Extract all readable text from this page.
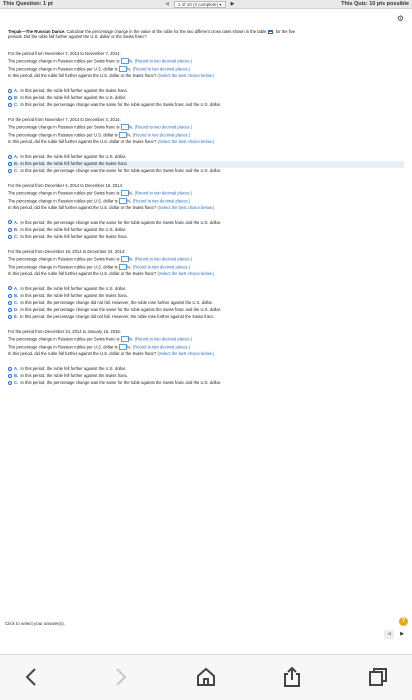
This Question: 1 pt	◀	1 of 10 (4 complete) ▾	▶	This Quiz: 10 pts possible
⚙
Trepak—The Russian Dance. Calculate the percentage change in the value of the ruble for the two different cross rates shown in the table for the five
periods. Did the ruble fall further against the U.S. dollar or the Swiss franc?
For the period from November 7, 2013 to November 7, 2014:
The percentage change in Russian rubles per Swiss franc is %. (Round to two decimal places.)
The percentage change in Russian rubles per U.S. dollar is %. (Round to two decimal places.)
In this period, did the ruble fall further against the U.S. dollar or the Swiss franc? (Select the best choice below.)
A. In this period, the ruble fell further against the Swiss franc.
B. In this period, the ruble fell further against the U.S. dollar.
C. In this period, the percentage change was the same for the ruble against the Swiss franc and the U.S. dollar.
For the period from November 7, 2014 to December 4, 2014:
The percentage change in Russian rubles per Swiss franc is %. (Round to two decimal places.)
The percentage change in Russian rubles per U.S. dollar is %. (Round to two decimal places.)
In this period, did the ruble fall further against the U.S. dollar or the Swiss franc? (Select the best choice below.)
A. In this period, the ruble fell further against the U.S. dollar.
B. In this period, the ruble fell further against the Swiss franc.
C. In this period, the percentage change was the same for the ruble against the Swiss franc and the U.S. dollar.
For the period from December 4, 2014 to December 16, 2014:
The percentage change in Russian rubles per Swiss franc is %. (Round to two decimal places.)
The percentage change in Russian rubles per U.S. dollar is %. (Round to two decimal places.)
In this period, did the ruble fall further against the U.S. dollar or the Swiss franc? (Select the best choice below.)
A. In this period, the percentage change was the same for the ruble against the Swiss franc and the U.S. dollar.
B. In this period, the ruble fell further against the U.S. dollar.
C. In this period, the ruble fell further against the Swiss franc.
For the period from December 16, 2014 to December 24, 2014:
The percentage change in Russian rubles per Swiss franc is %. (Round to two decimal places.)
The percentage change in Russian rubles per U.S. dollar is %. (Round to two decimal places.)
In this period, did the ruble fall further against the U.S. dollar or the Swiss franc? (Select the best choice below.)
A. In this period, the ruble fell further against the U.S. dollar.
B. In this period, the ruble fell further against the Swiss franc.
C. In this period, the percentage change did not fall. However, the ruble rose further against the U.S. dollar.
D. In this period, the percentage change was the same for the ruble against the Swiss franc and the U.S. dollar.
E. In this period, the percentage change did not fall. However, the ruble rose further against the Swiss franc.
For the period from December 24, 2014 to January 16, 2015:
The percentage change in Russian rubles per Swiss franc is %. (Round to two decimal places.)
The percentage change in Russian rubles per U.S. dollar is %. (Round to two decimal places.)
In this period, did the ruble fall further against the U.S. dollar or the Swiss franc? (Select the best choice below.)
A. In this period, the ruble fell further against the U.S. dollar.
B. In this period, the ruble fell further against the Swiss franc.
C. In this period, the percentage change was the same for the ruble against the Swiss franc and the U.S. dollar.
Click to select your answer(s).	?
◀	▶
